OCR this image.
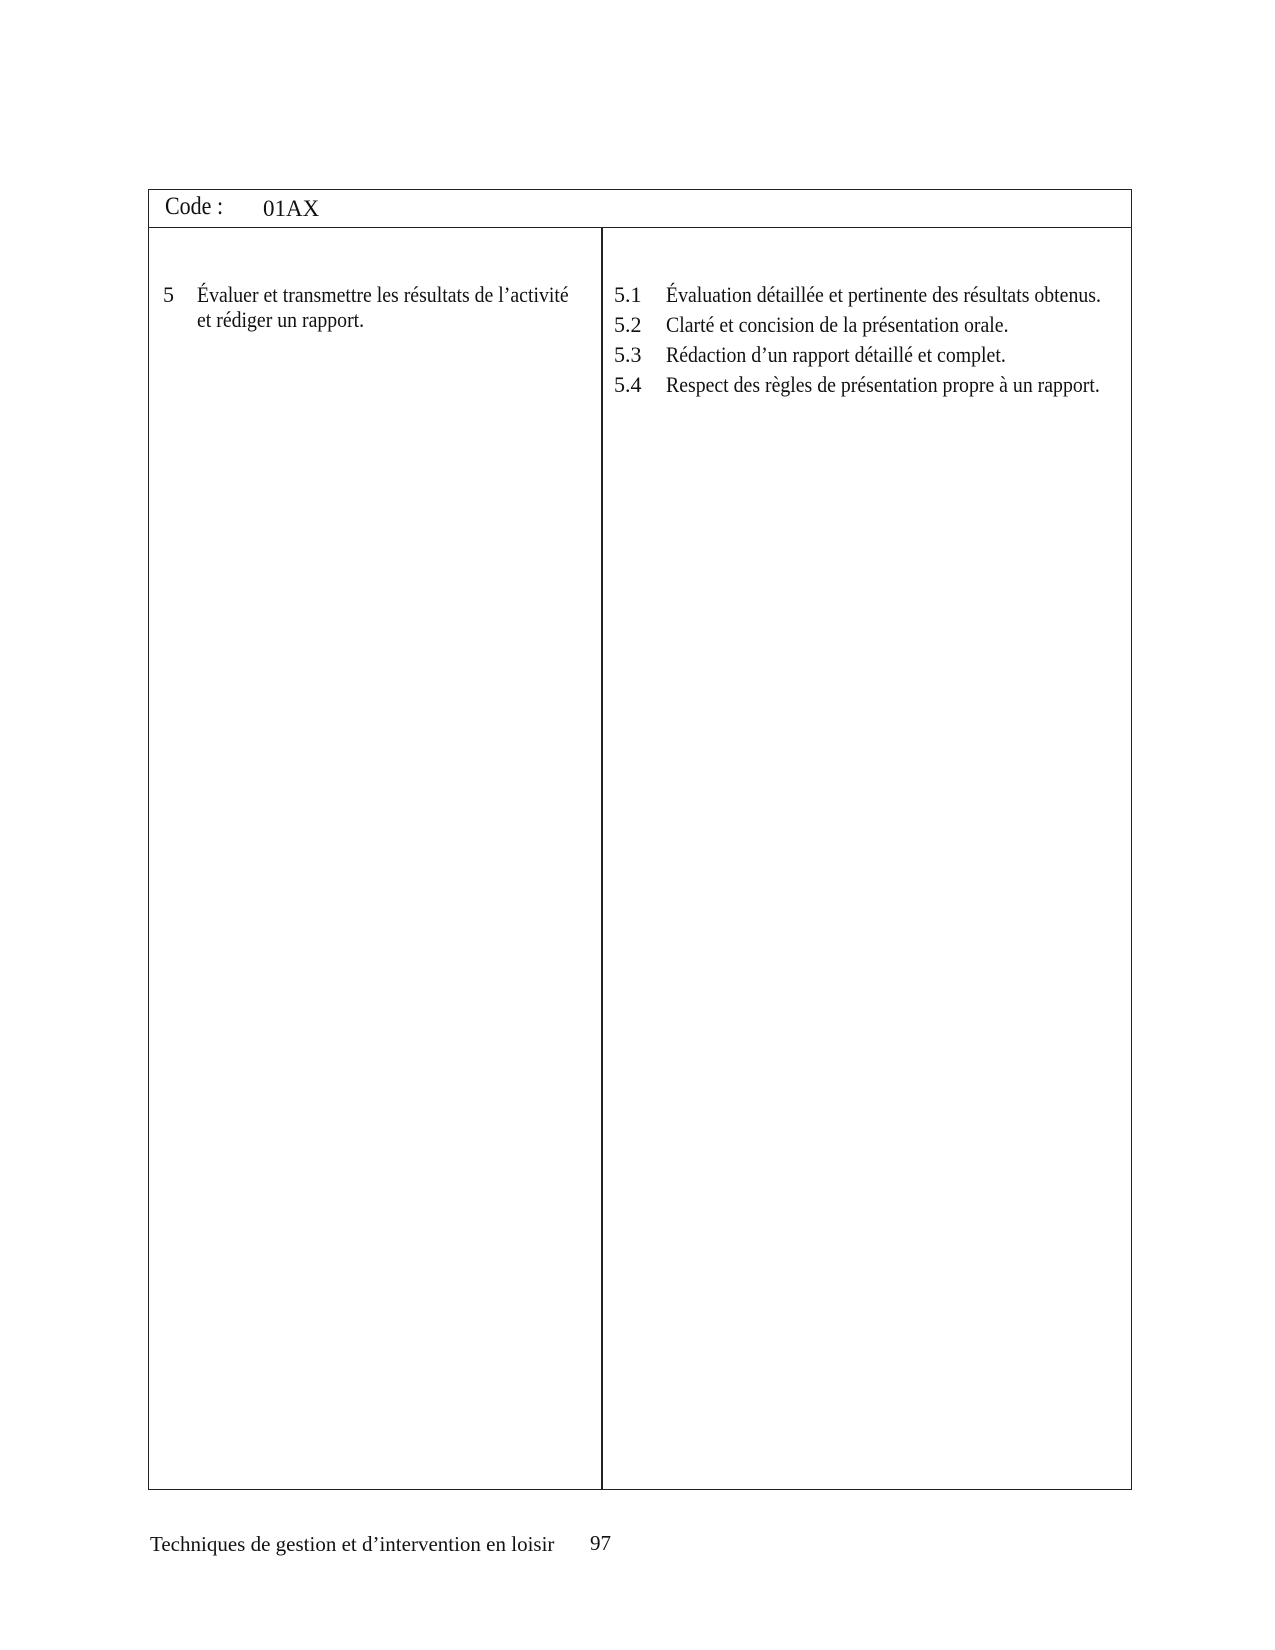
Code : 01AX
5	Évaluer et transmettre les résultats de l’activité et rédiger un rapport.
5.1	Évaluation détaillée et pertinente des résultats obtenus.
5.2	Clarté et concision de la présentation orale.
5.3	Rédaction d’un rapport détaillé et complet.
5.4	Respect des règles de présentation propre à un rapport.
Techniques de gestion et d’intervention en loisir 97
